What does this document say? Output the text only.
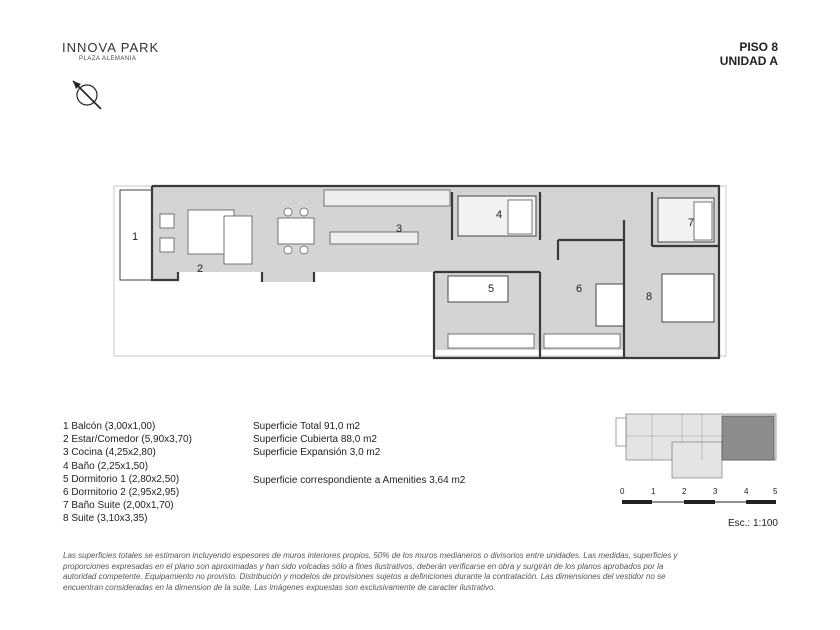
INNOVA PARK
PLAZA ALEMANIA
PISO 8
UNIDAD A
1
2
3
4
5	6
7
8
1 Balcón (3,00x1,00)
2 Estar/Comedor (5,90x3,70)
3 Cocina (4,25x2,80)
4 Baño (2,25x1,50)
5 Dormitorio 1 (2,80x2,50)
6 Dormitorio 2 (2,95x2,95)
7 Baño Suite (2,00x1,70)
8 Suite (3,10x3,35)
Superficie Total 91,0 m2
Superficie Cubierta 88,0 m2
Superficie Expansión 3,0 m2
Superficie correspondiente a Amenities 3,64 m2
0	1	2	3	4	5
Esc.: 1:100
Las superficies totales se estimaron incluyendo espesores de muros interiores propios, 50% de los muros medianeros o divisorios entre unidades. Las medidas, superficies y proporciones expresadas en el plano son aproximadas y han sido volcadas sólo a fines ilustrativos, deberán verificarse en obra y surgirán de los planos aprobados por la autoridad competente. Equipamiento no provisto. Distribución y modelos de provisiones sujetos a definiciones durante la contratación. Las dimensiones del vestidor no se encuentran consideradas en la dimension de la suite. Las imágenes expuestas son exclusivamente de caracter ilustrativo.
